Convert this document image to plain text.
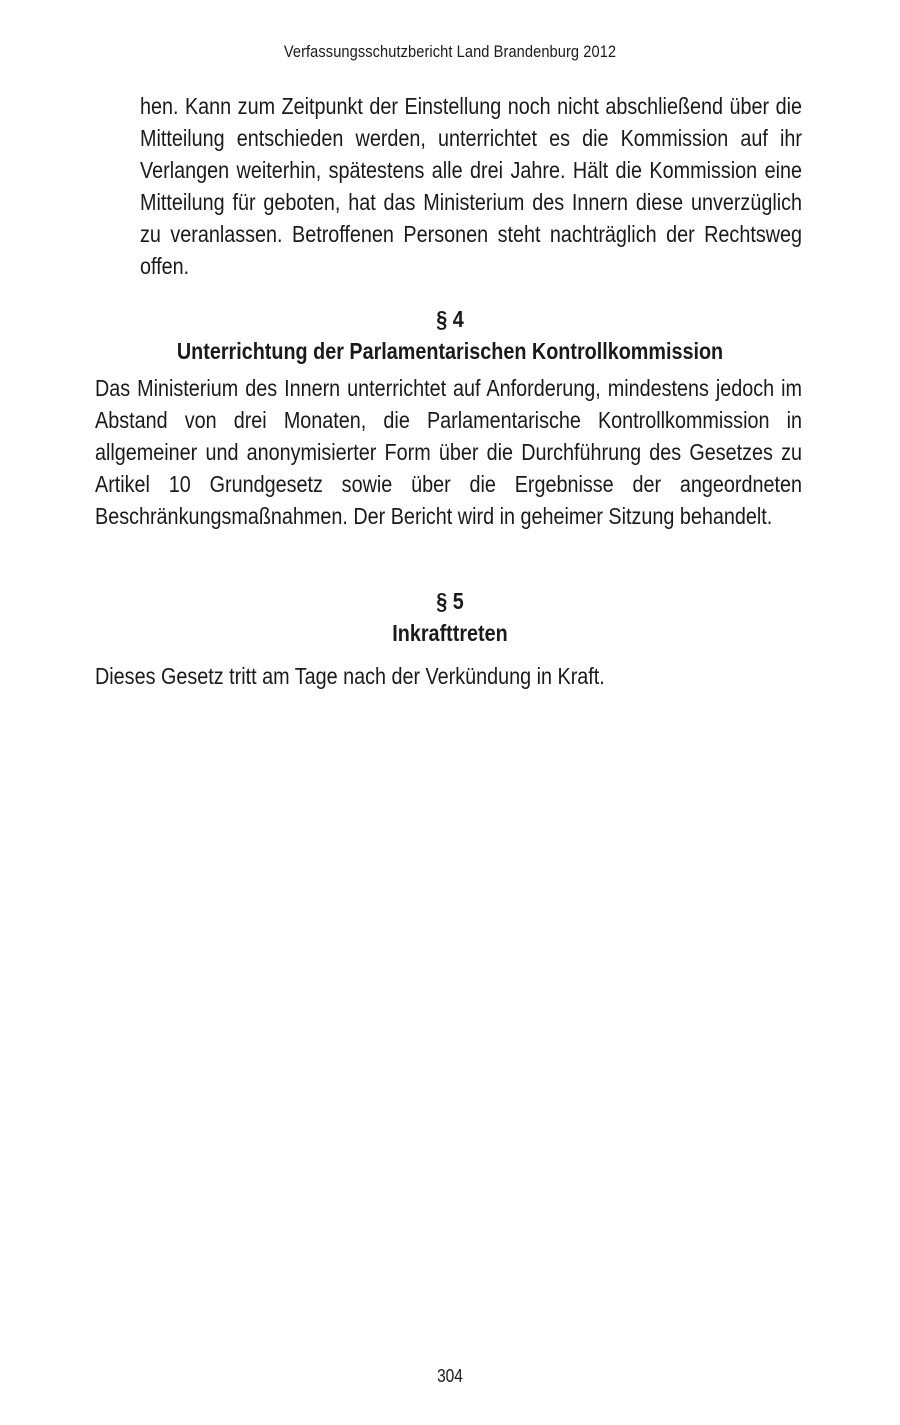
Verfassungsschutzbericht Land Brandenburg 2012

hen. Kann zum Zeitpunkt der Einstellung noch nicht abschließend über die Mitteilung entschieden werden, unterrichtet es die Kommission auf ihr Verlangen weiterhin, spätestens alle drei Jahre. Hält die Kommission eine Mitteilung für geboten, hat das Ministerium des Innern diese unverzüglich zu veranlassen. Betroffenen Personen steht nachträglich der Rechtsweg offen.

§ 4
Unterrichtung der Parlamentarischen Kontrollkommission

Das Ministerium des Innern unterrichtet auf Anforderung, mindestens jedoch im Abstand von drei Monaten, die Parlamentarische Kontrollkommission in allgemeiner und anonymisierter Form über die Durchführung des Gesetzes zu Artikel 10 Grundgesetz sowie über die Ergebnisse der angeordneten Beschränkungsmaßnahmen. Der Bericht wird in geheimer Sitzung behandelt.

§ 5
Inkrafttreten

Dieses Gesetz tritt am Tage nach der Verkündung in Kraft.

304
